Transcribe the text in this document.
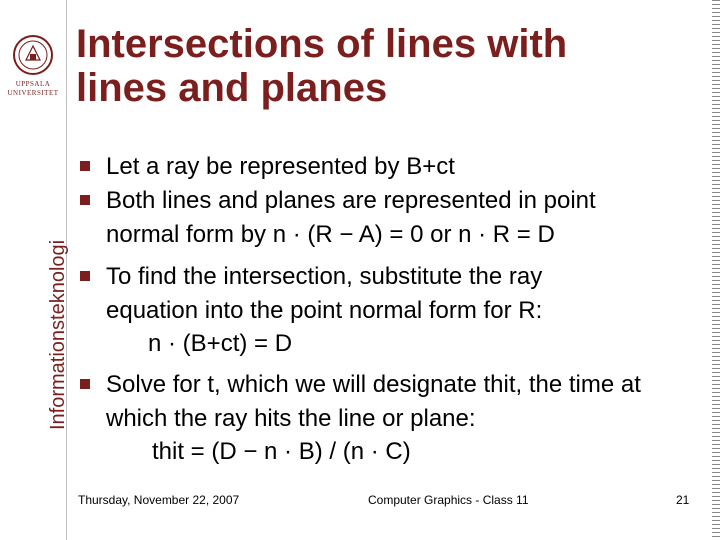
UPPSALA
UNIVERSITET
Informationsteknologi
Intersections of lines with lines and planes
Let a ray be represented by B+ct
Both lines and planes are represented in point
normal form by n · (R − A) = 0 or n · R = D
To find the intersection, substitute the ray
equation into the point normal form for R:
n · (B+ct) = D
Solve for t, which we will designate thit, the time at
which the ray hits the line or plane:
thit = (D − n · B) / (n · C)
Thursday, November 22, 2007	Computer Graphics - Class 11	21
